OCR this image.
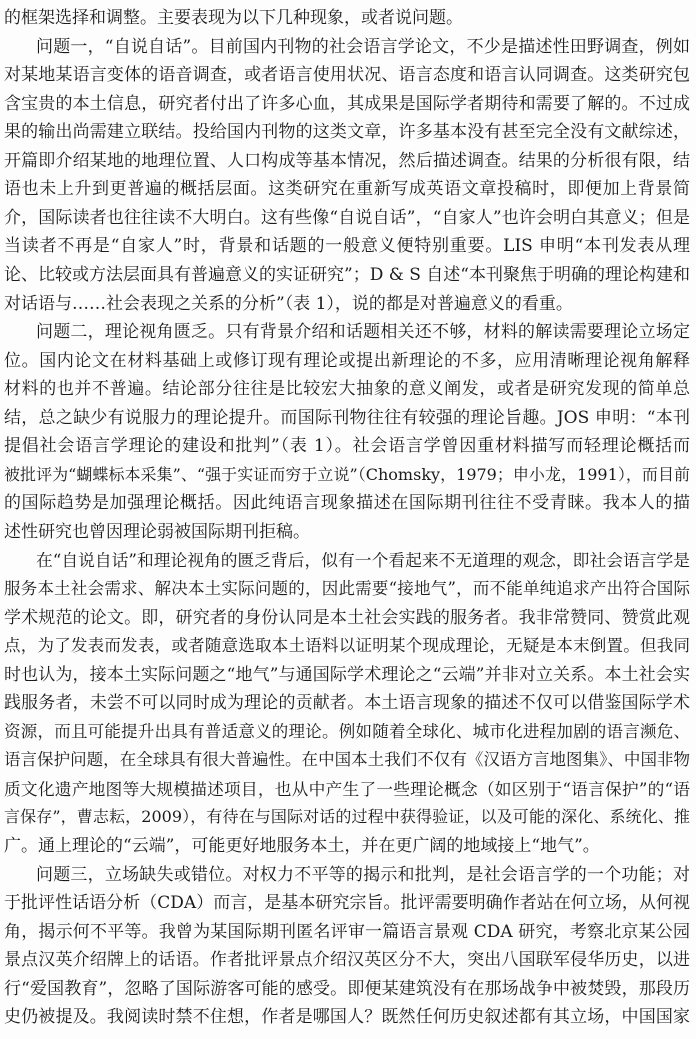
的框架选择和调整。主要表现为以下几种现象，或者说问题。
问题一，“自说自话”。目前国内刊物的社会语言学论文，不少是描述性田野调查，例如
对某地某语言变体的语音调查，或者语言使用状况、语言态度和语言认同调查。这类研究包
含宝贵的本土信息，研究者付出了许多心血，其成果是国际学者期待和需要了解的。不过成
果的输出尚需建立联结。投给国内刊物的这类文章，许多基本没有甚至完全没有文献综述，
开篇即介绍某地的地理位置、人口构成等基本情况，然后描述调查。结果的分析很有限，结
语也未上升到更普遍的概括层面。这类研究在重新写成英语文章投稿时，即便加上背景简
介，国际读者也往往读不大明白。这有些像“自说自话”，“自家人”也许会明白其意义；但是
当读者不再是“自家人”时，背景和话题的一般意义便特别重要。LIS 申明“本刊发表从理
论、比较或方法层面具有普遍意义的实证研究”；D & S 自述“本刊聚焦于明确的理论构建和
对话语与……社会表现之关系的分析”（表 1），说的都是对普遍意义的看重。
问题二，理论视角匮乏。只有背景介绍和话题相关还不够，材料的解读需要理论立场定
位。国内论文在材料基础上或修订现有理论或提出新理论的不多，应用清晰理论视角解释
材料的也并不普遍。结论部分往往是比较宏大抽象的意义阐发，或者是研究发现的简单总
结，总之缺少有说服力的理论提升。而国际刊物往往有较强的理论旨趣。JOS 申明：“本刊
提倡社会语言学理论的建设和批判”（表 1）。社会语言学曾因重材料描写而轻理论概括而
被批评为“蝴蝶标本采集”、“强于实证而穷于立说”（Chomsky，1979；申小龙，1991），而目前
的国际趋势是加强理论概括。因此纯语言现象描述在国际期刊往往不受青睐。我本人的描
述性研究也曾因理论弱被国际期刊拒稿。
在“自说自话”和理论视角的匮乏背后，似有一个看起来不无道理的观念，即社会语言学是
服务本土社会需求、解决本土实际问题的，因此需要“接地气”，而不能单纯追求产出符合国际
学术规范的论文。即，研究者的身份认同是本土社会实践的服务者。我非常赞同、赞赏此观
点，为了发表而发表，或者随意选取本土语料以证明某个现成理论，无疑是本末倒置。但我同
时也认为，接本土实际问题之“地气”与通国际学术理论之“云端”并非对立关系。本土社会实
践服务者，未尝不可以同时成为理论的贡献者。本土语言现象的描述不仅可以借鉴国际学术
资源，而且可能提升出具有普适意义的理论。例如随着全球化、城市化进程加剧的语言濒危、
语言保护问题，在全球具有很大普遍性。在中国本土我们不仅有《汉语方言地图集》、中国非物
质文化遗产地图等大规模描述项目，也从中产生了一些理论概念（如区别于“语言保护”的“语
言保存”，曹志耘，2009），有待在与国际对话的过程中获得验证，以及可能的深化、系统化、推
广。通上理论的“云端”，可能更好地服务本土，并在更广阔的地域接上“地气”。
问题三，立场缺失或错位。对权力不平等的揭示和批判，是社会语言学的一个功能；对
于批评性话语分析（CDA）而言，是基本研究宗旨。批评需要明确作者站在何立场，从何视
角，揭示何不平等。我曾为某国际期刊匿名评审一篇语言景观 CDA 研究，考察北京某公园
景点汉英介绍牌上的话语。作者批评景点介绍汉英区分不大，突出八国联军侵华历史，以进
行“爱国教育”，忽略了国际游客可能的感受。即便某建筑没有在那场战争中被焚毁，那段历
史仍被提及。我阅读时禁不住想，作者是哪国人？既然任何历史叙述都有其立场，中国国家
